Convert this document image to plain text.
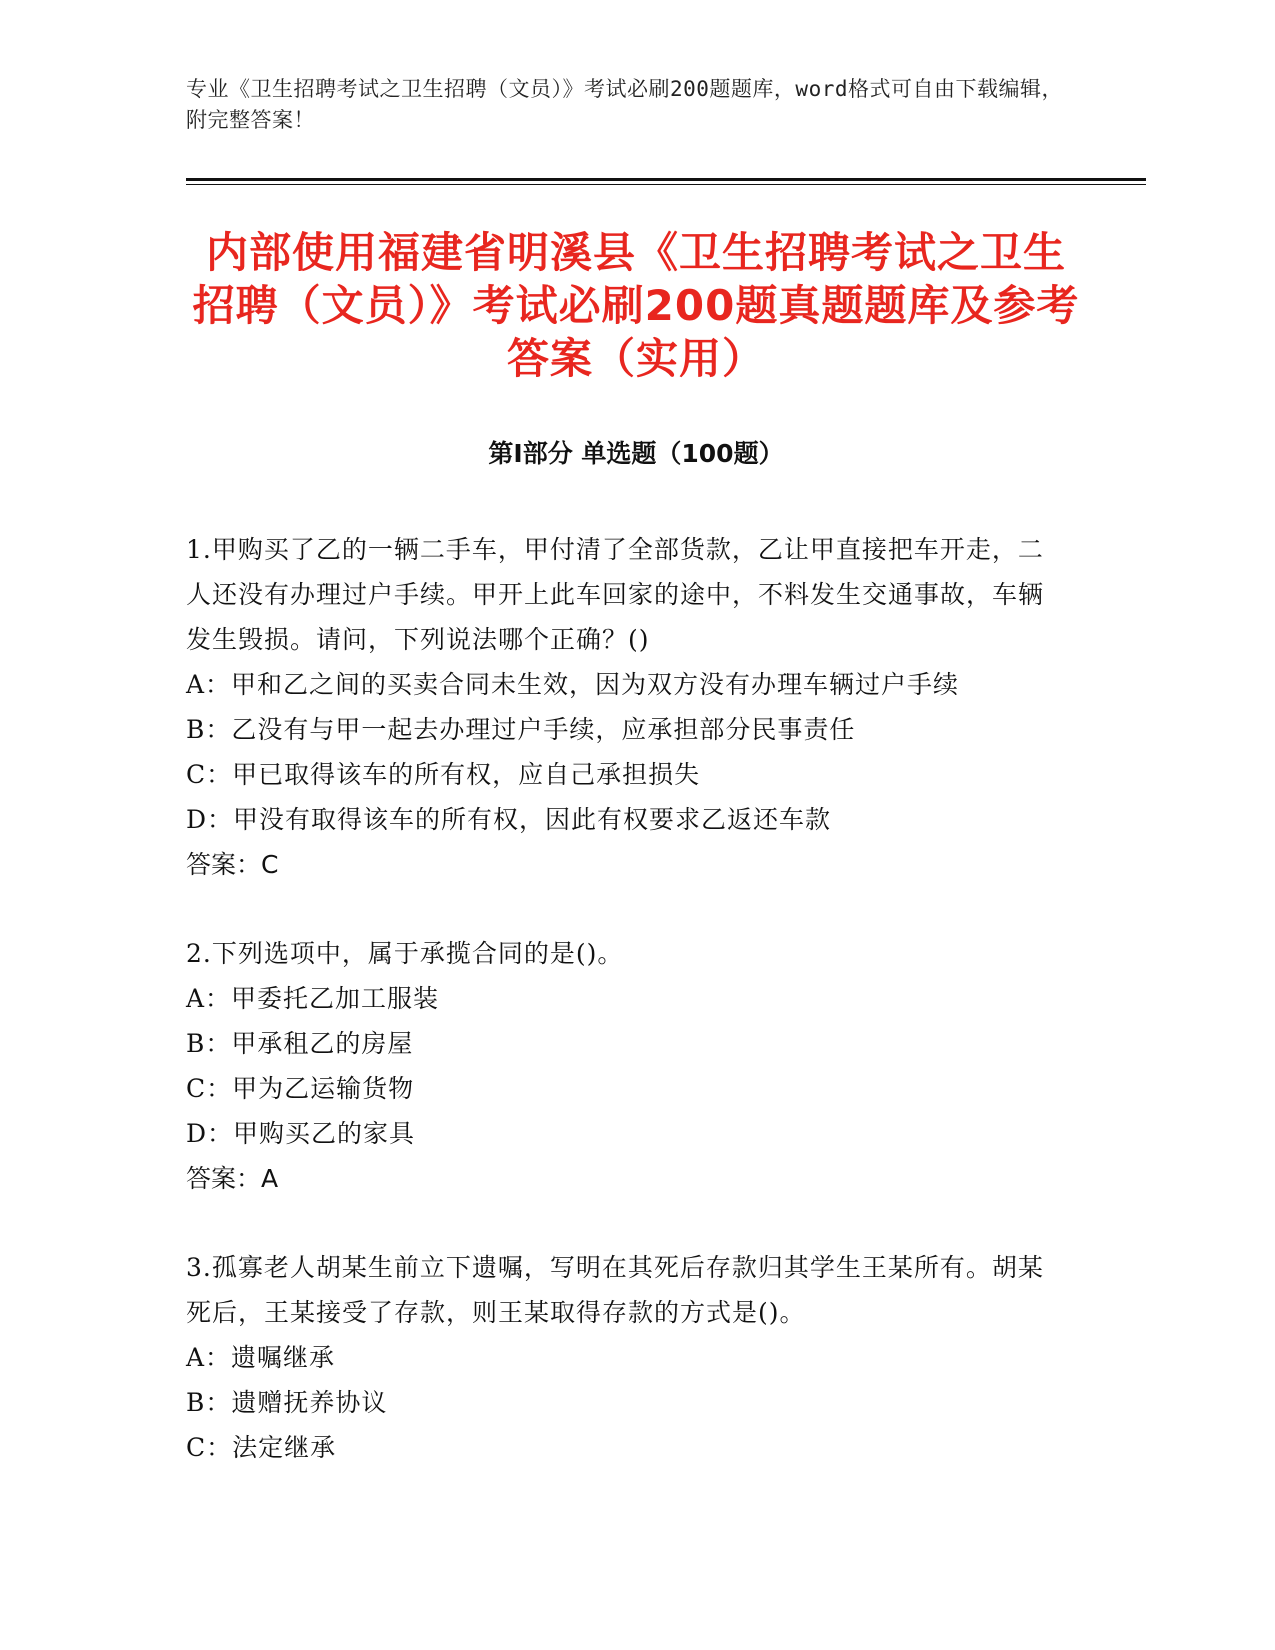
专业《卫生招聘考试之卫生招聘（文员）》考试必刷200题题库，word格式可自由下载编辑，附完整答案！
内部使用福建省明溪县《卫生招聘考试之卫生招聘（文员）》考试必刷200题真题题库及参考答案（实用）
第I部分 单选题（100题）

1.甲购买了乙的一辆二手车，甲付清了全部货款，乙让甲直接把车开走，二人还没有办理过户手续。甲开上此车回家的途中，不料发生交通事故，车辆发生毁损。请问，下列说法哪个正确？()

A：甲和乙之间的买卖合同未生效，因为双方没有办理车辆过户手续

B：乙没有与甲一起去办理过户手续，应承担部分民事责任

C：甲已取得该车的所有权，应自己承担损失

D：甲没有取得该车的所有权，因此有权要求乙返还车款

答案：C

2.下列选项中，属于承揽合同的是()。

A：甲委托乙加工服装

B：甲承租乙的房屋

C：甲为乙运输货物

D：甲购买乙的家具

答案：A

3.孤寡老人胡某生前立下遗嘱，写明在其死后存款归其学生王某所有。胡某死后，王某接受了存款，则王某取得存款的方式是()。

A：遗嘱继承

B：遗赠抚养协议

C：法定继承
